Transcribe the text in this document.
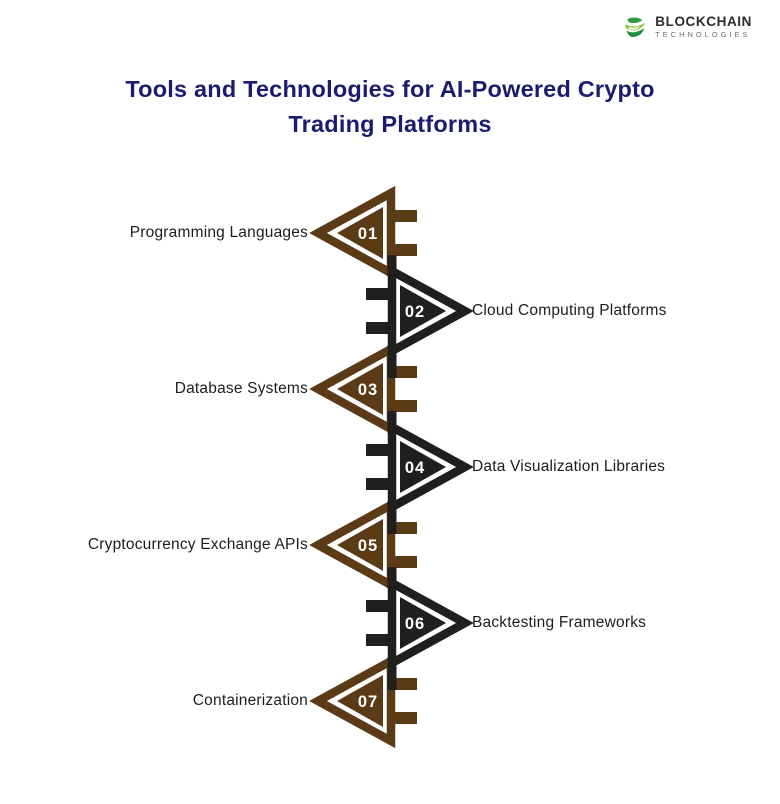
BLOCKCHAIN
TECHNOLOGIES
Tools and Technologies for AI-Powered Crypto
Trading Platforms
01
02
03
04
05
06
07
Programming Languages
Cloud Computing Platforms
Database Systems
Data Visualization Libraries
Cryptocurrency Exchange APIs
Backtesting Frameworks
Containerization
